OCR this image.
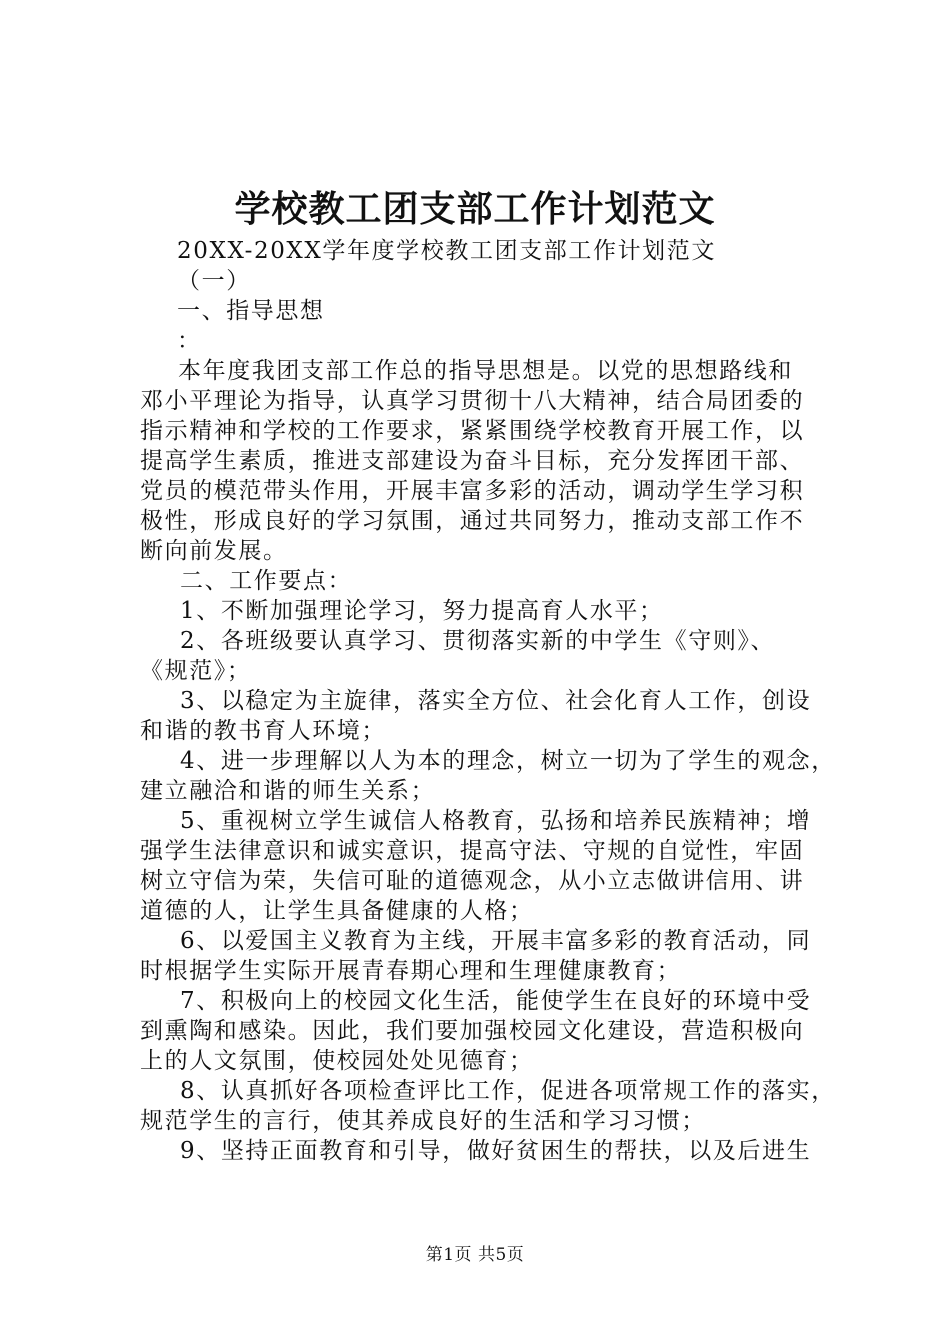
学校教工团支部工作计划范文

20XX-20XX学年度学校教工团支部工作计划范文

（一）

一、指导思想

：

本年度我团支部工作总的指导思想是。以党的思想路线和

邓小平理论为指导，认真学习贯彻十八大精神，结合局团委的

指示精神和学校的工作要求，紧紧围绕学校教育开展工作，以

提高学生素质，推进支部建设为奋斗目标，充分发挥团干部、

党员的模范带头作用，开展丰富多彩的活动，调动学生学习积

极性，形成良好的学习氛围，通过共同努力，推动支部工作不

断向前发展。

二、工作要点：

1、不断加强理论学习，努力提高育人水平；

2、各班级要认真学习、贯彻落实新的中学生《守则》、

《规范》；

3、以稳定为主旋律，落实全方位、社会化育人工作，创设

和谐的教书育人环境；

4、进一步理解以人为本的理念，树立一切为了学生的观念，

建立融洽和谐的师生关系；

5、重视树立学生诚信人格教育，弘扬和培养民族精神；增

强学生法律意识和诚实意识，提高守法、守规的自觉性，牢固

树立守信为荣，失信可耻的道德观念，从小立志做讲信用、讲

道德的人，让学生具备健康的人格；

6、以爱国主义教育为主线，开展丰富多彩的教育活动，同

时根据学生实际开展青春期心理和生理健康教育；

7、积极向上的校园文化生活，能使学生在良好的环境中受

到熏陶和感染。因此，我们要加强校园文化建设，营造积极向

上的人文氛围，使校园处处见德育；

8、认真抓好各项检查评比工作，促进各项常规工作的落实，

规范学生的言行，使其养成良好的生活和学习习惯；

9、坚持正面教育和引导，做好贫困生的帮扶，以及后进生

第1页 共5页
